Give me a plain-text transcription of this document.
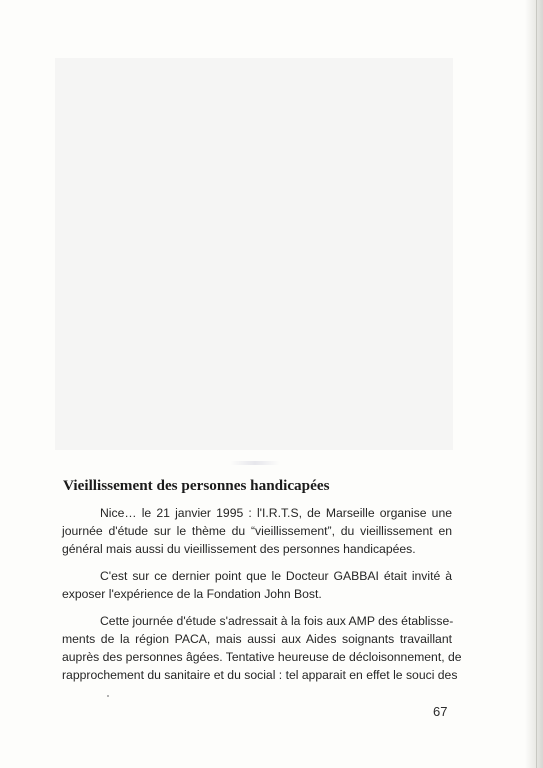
Vieillissement des personnes handicapées

Nice… le 21 janvier 1995 : l'I.R.T.S, de Marseille organise une
journée d'étude sur le thème du “vieillissement”, du vieillissement en
général mais aussi du vieillissement des personnes handicapées.

C'est sur ce dernier point que le Docteur GABBAI était invité à
exposer l'expérience de la Fondation John Bost.

Cette journée d'étude s'adressait à la fois aux AMP des établisse-
ments de la région PACA, mais aussi aux Aides soignants travaillant
auprès des personnes âgées. Tentative heureuse de décloisonnement, de
rapprochement du sanitaire et du social : tel apparait en effet le souci des

67
